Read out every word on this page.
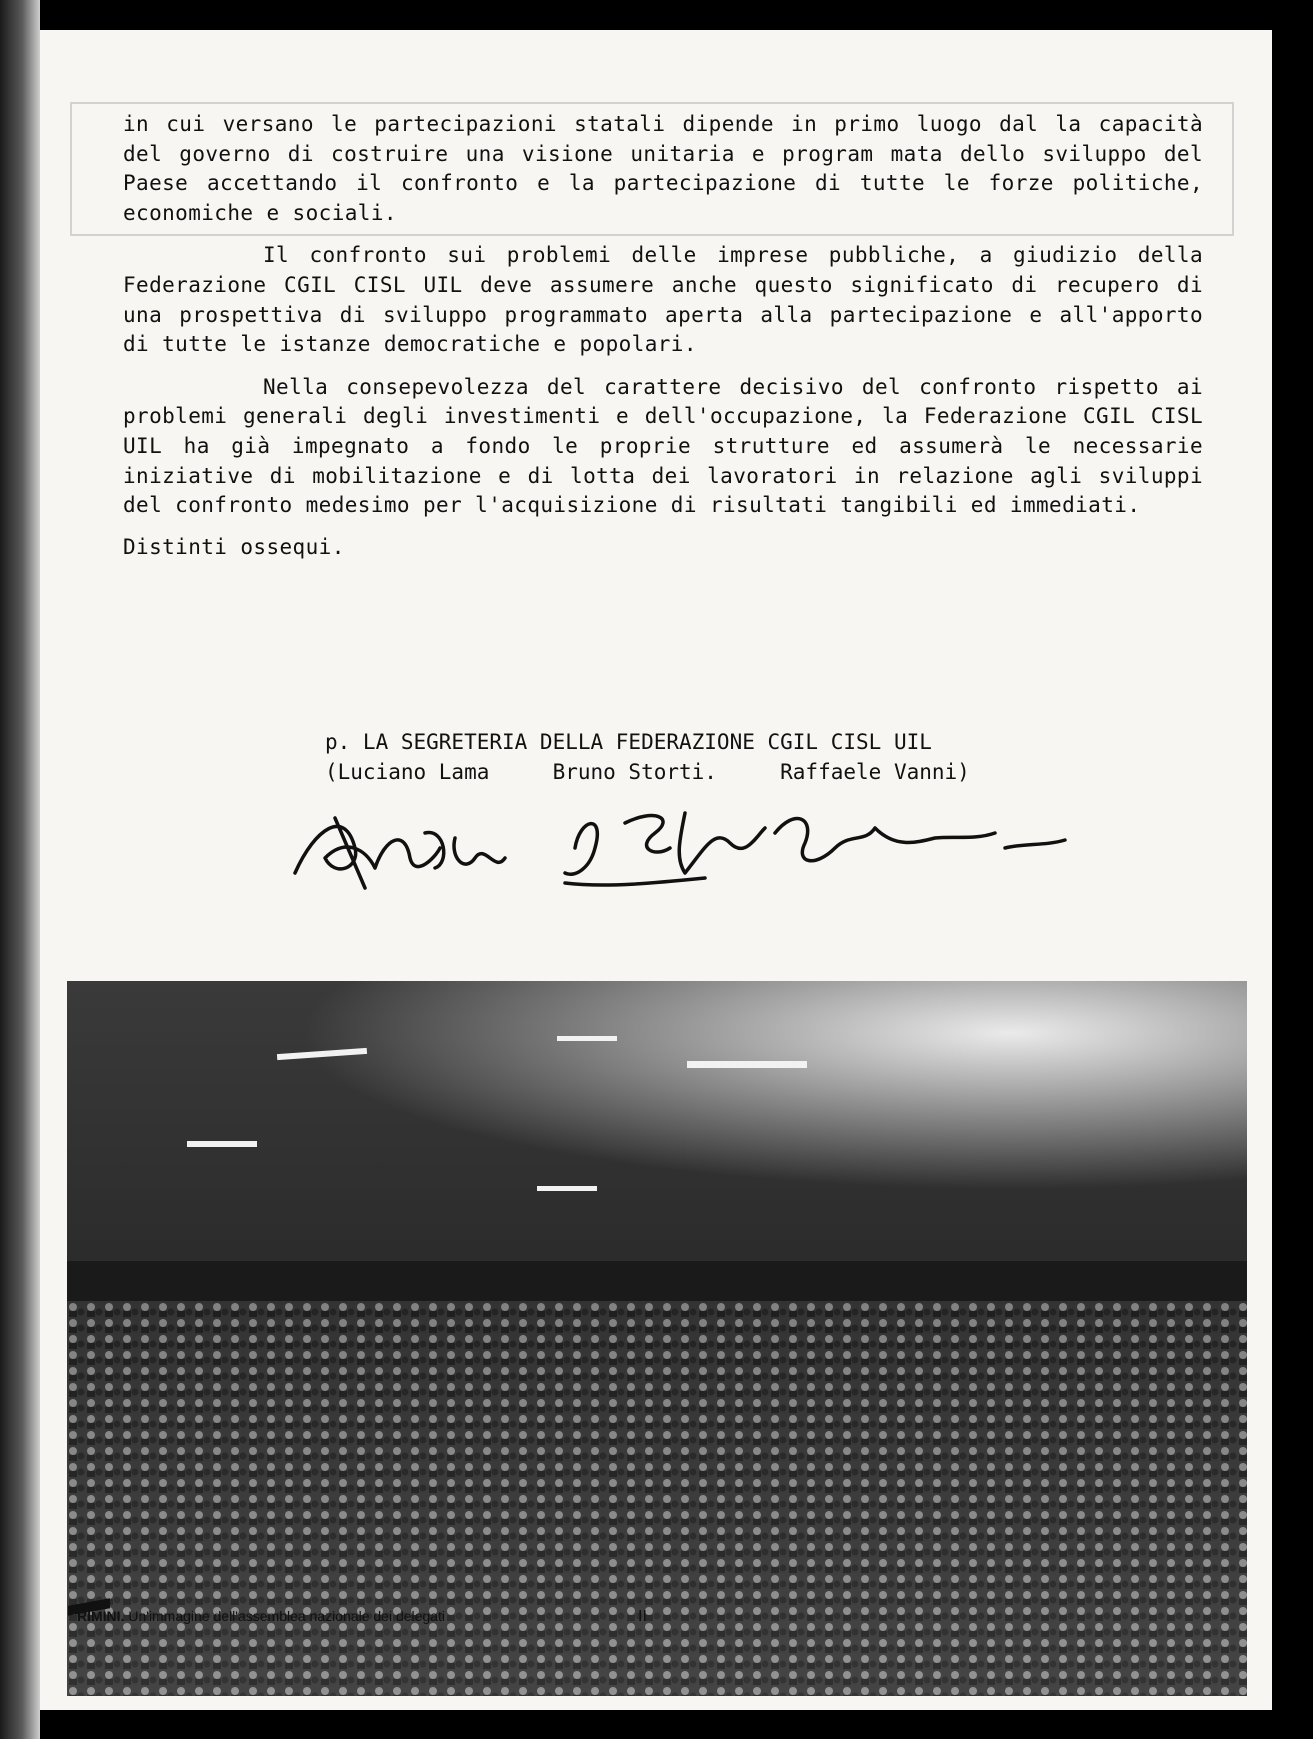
in cui versano le partecipazioni statali dipende in primo luogo dal la capacità del governo di costruire una visione unitaria e program mata dello sviluppo del Paese accettando il confronto e la partecipazione di tutte le forze politiche, economiche e sociali.

Il confronto sui problemi delle imprese pubbliche, a giudizio della Federazione CGIL CISL UIL deve assumere anche questo significato di recupero di una prospettiva di sviluppo programmato aperta alla partecipazione e all'apporto di tutte le istanze democratiche e popolari.

Nella consepevolezza del carattere decisivo del confronto rispetto ai problemi generali degli investimenti e dell'occupazione, la Federazione CGIL CISL UIL ha già impegnato a fondo le proprie strutture ed assumerà le necessarie iniziative di mobilitazione e di lotta dei lavoratori in relazione agli sviluppi del confronto medesimo per l'acquisizione di risultati tangibili ed immediati.

Distinti ossequi.

p. LA SEGRETERIA DELLA FEDERAZIONE CGIL CISL UIL
(Luciano Lama     Bruno Storti.     Raffaele Vanni)
RIMINI. Un'immagine dell'assemblea nazionale dei delegati	II
